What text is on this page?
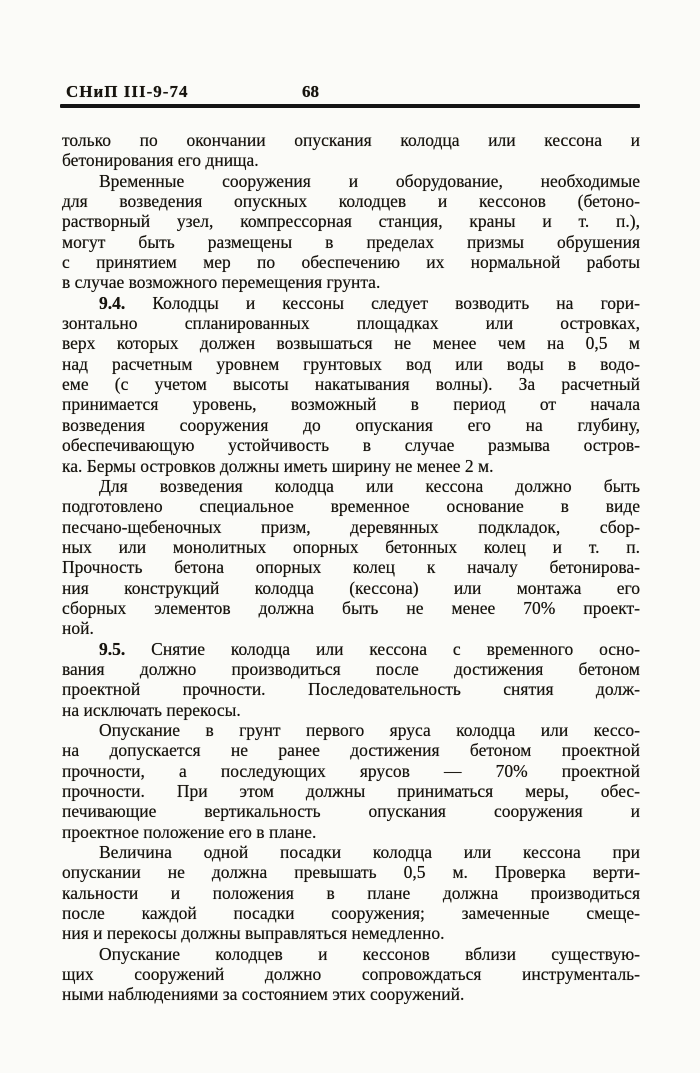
СНиП III-9-74	68
только по окончании опускания колодца или кессона и
бетонирования его днища.
Временные сооружения и оборудование, необходимые
для возведения опускных колодцев и кессонов (бетоно-
растворный узел, компрессорная станция, краны и т. п.),
могут быть размещены в пределах призмы обрушения
с принятием мер по обеспечению их нормальной работы
в случае возможного перемещения грунта.
9.4. Колодцы и кессоны следует возводить на гори-
зонтально спланированных площадках или островках,
верх которых должен возвышаться не менее чем на 0,5 м
над расчетным уровнем грунтовых вод или воды в водо-
еме (с учетом высоты накатывания волны). За расчетный
принимается уровень, возможный в период от начала
возведения сооружения до опускания его на глубину,
обеспечивающую устойчивость в случае размыва остров-
ка. Бермы островков должны иметь ширину не менее 2 м.
Для возведения колодца или кессона должно быть
подготовлено специальное временное основание в виде
песчано-щебеночных призм, деревянных подкладок, сбор-
ных или монолитных опорных бетонных колец и т. п.
Прочность бетона опорных колец к началу бетонирова-
ния конструкций колодца (кессона) или монтажа его
сборных элементов должна быть не менее 70% проект-
ной.
9.5. Снятие колодца или кессона с временного осно-
вания должно производиться после достижения бетоном
проектной прочности. Последовательность снятия долж-
на исключать перекосы.
Опускание в грунт первого яруса колодца или кессо-
на допускается не ранее достижения бетоном проектной
прочности, а последующих ярусов — 70% проектной
прочности. При этом должны приниматься меры, обес-
печивающие вертикальность опускания сооружения и
проектное положение его в плане.
Величина одной посадки колодца или кессона при
опускании не должна превышать 0,5 м. Проверка верти-
кальности и положения в плане должна производиться
после каждой посадки сооружения; замеченные смеще-
ния и перекосы должны выправляться немедленно.
Опускание колодцев и кессонов вблизи существую-
щих сооружений должно сопровождаться инструменталь-
ными наблюдениями за состоянием этих сооружений.
